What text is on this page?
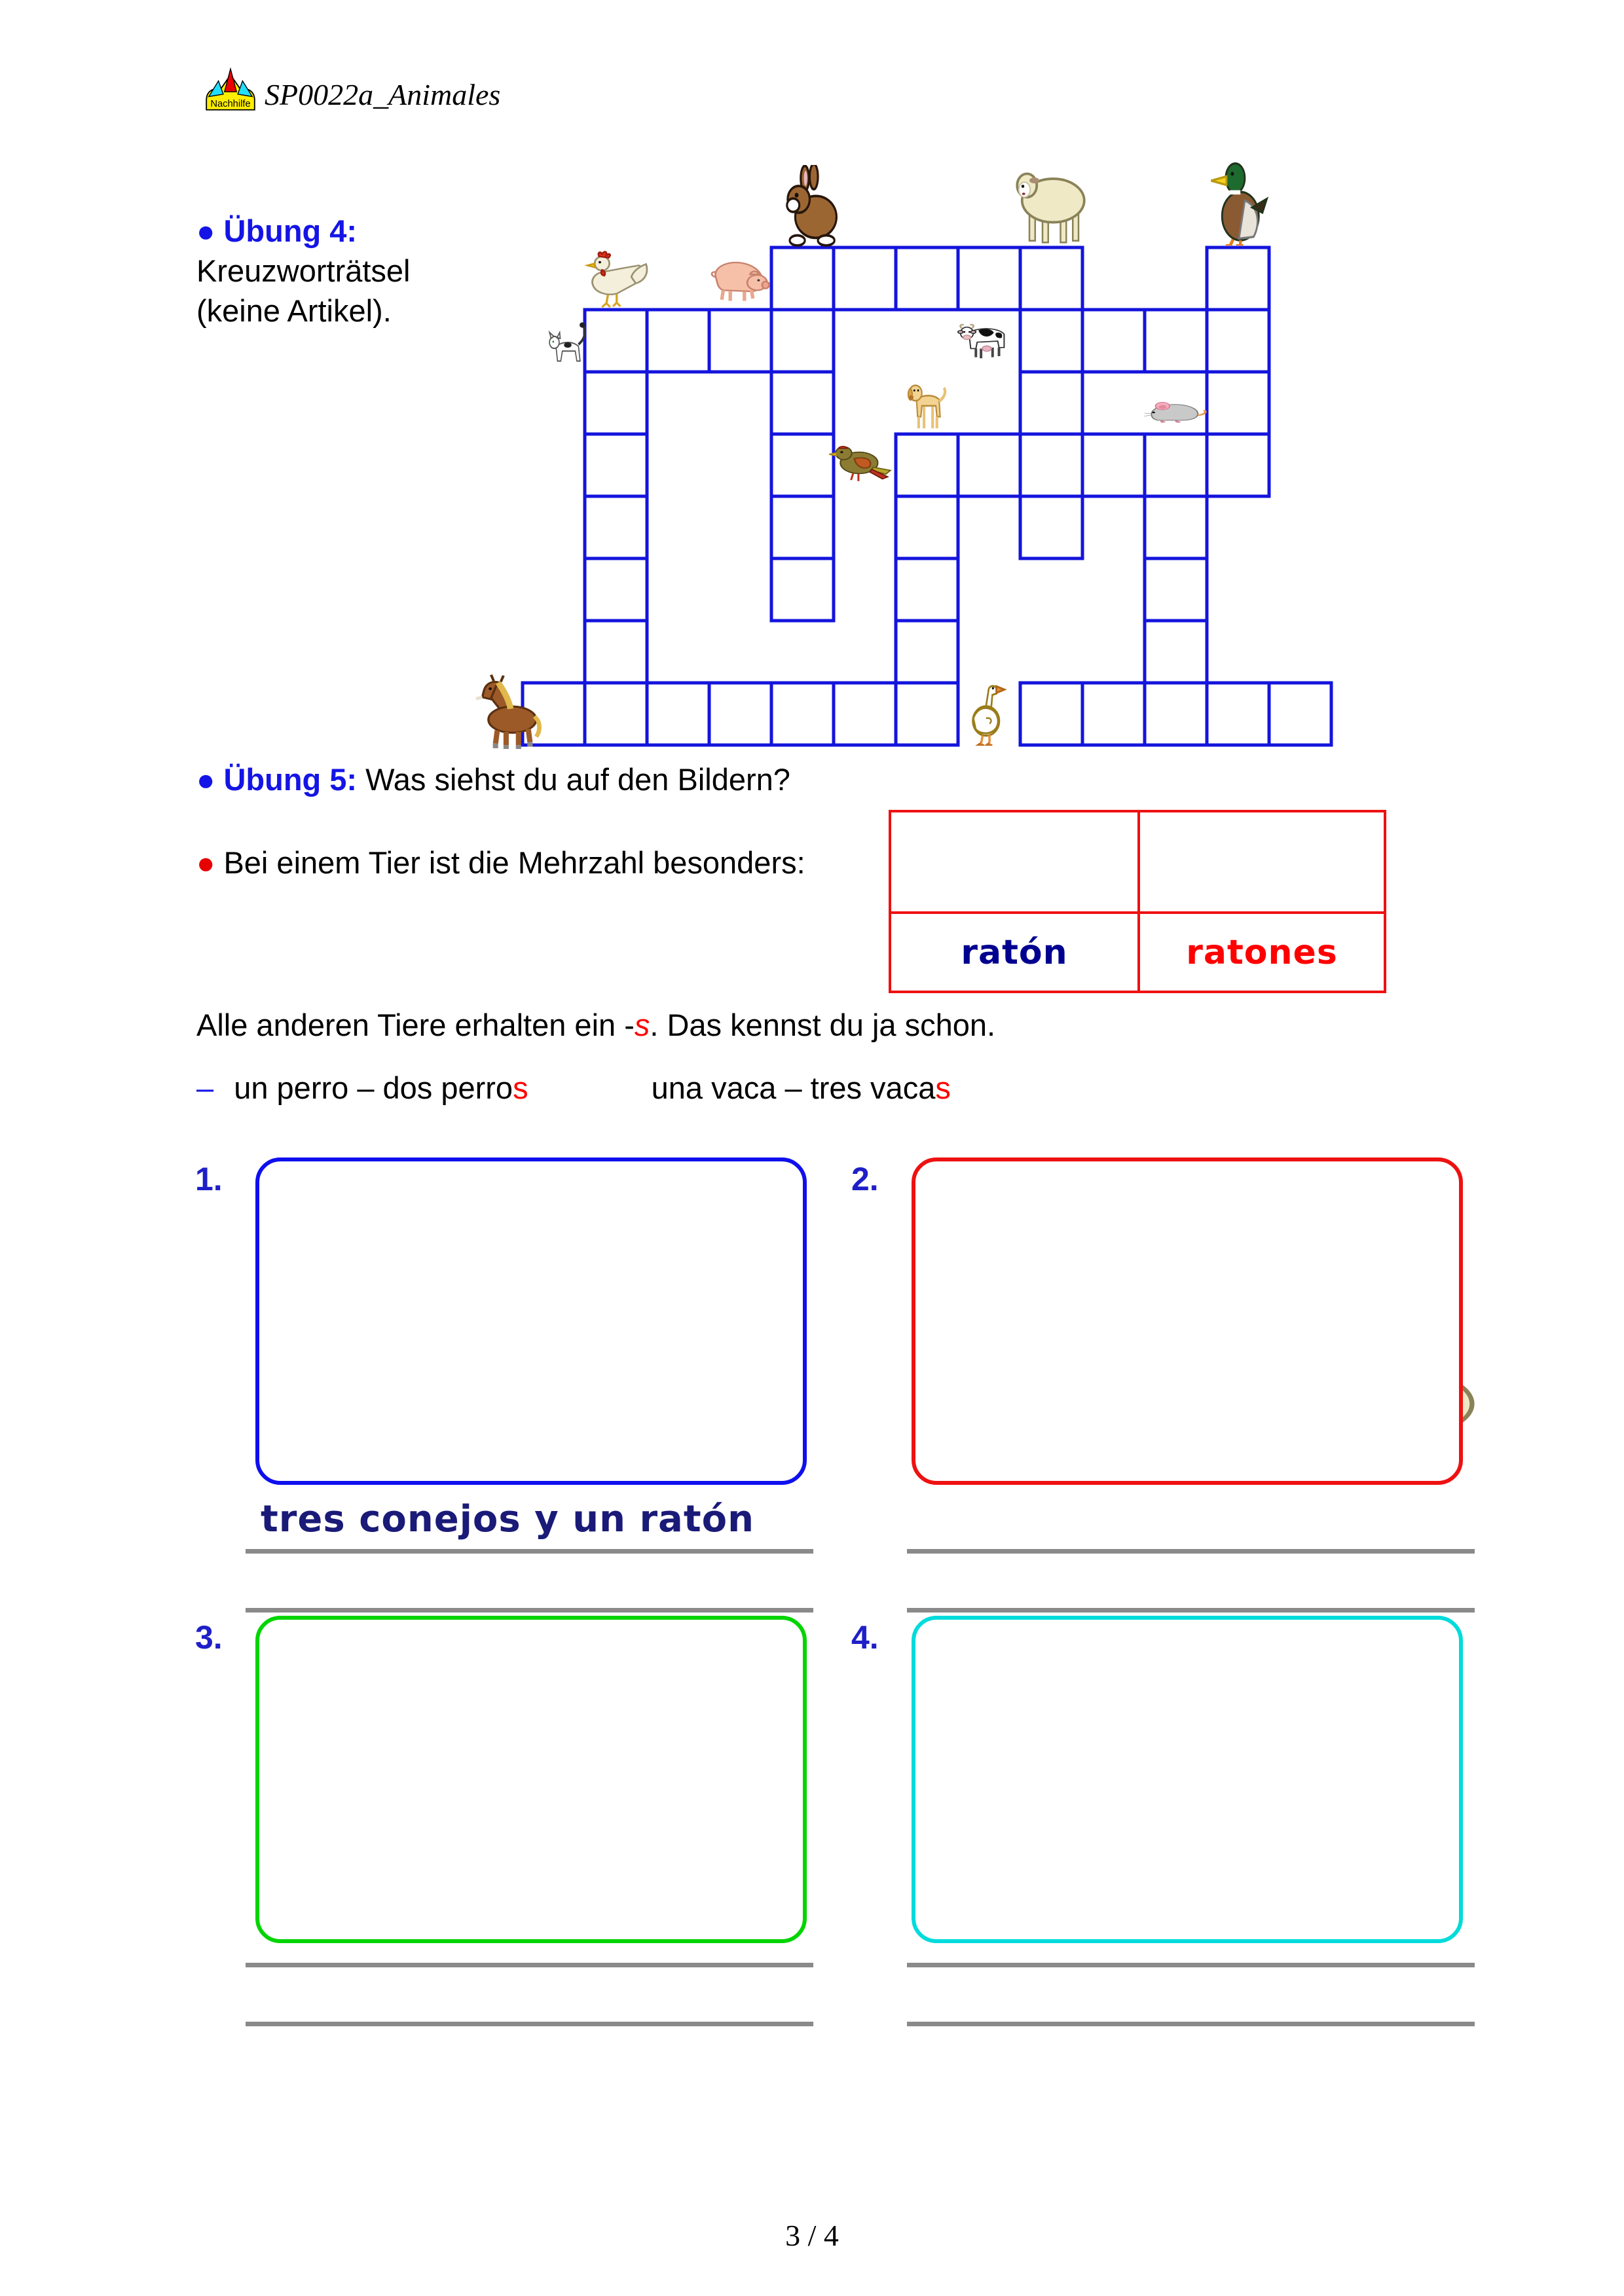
Nachhilfe SP0022a_Animales
● Übung 4:
Kreuzworträtsel
(keine Artikel).
● Übung 5: Was siehst du auf den Bildern?
● Bei einem Tier ist die Mehrzahl besonders:
ratón	ratones
Alle anderen Tiere erhalten ein -s. Das kennst du ja schon.
– un perro – dos perros	una vaca – tres vacas
1.	2.
3.	4.
tres conejos y un ratón
3 / 4
